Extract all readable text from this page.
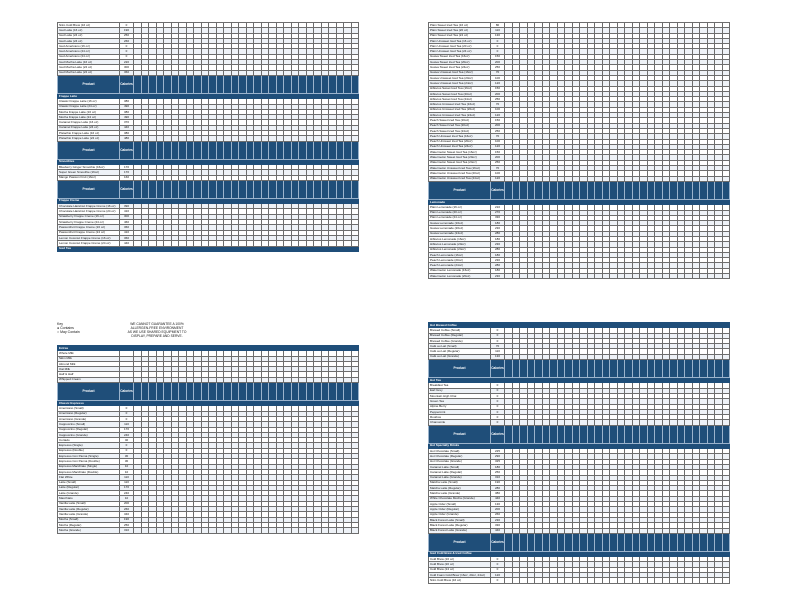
Nitro Cold Brew (16 oz)	0																														
Iced Latte (16 oz)	190																														
Iced Latte (24 oz)	250																														
Iced Latte (24 oz)	260																														
Iced Americano (16 oz)	0																														
Iced Americano (24 oz)	0																														
Iced Americano (24 oz)	0																														
Iced Mocha Latte (16 oz)	220																														
Iced Mocha Latte (24 oz)	300																														
Iced Mocha Latte (24 oz)	360																														
Product	Calories																														
Frappe Latte																															
Classic Frappe Latte (16 oz)	380																														
Classic Frappe Latte (24 oz)	490																														
Mocha Frappe Latte (16 oz)	380																														
Mocha Frappe Latte (24 oz)	490																														
Caramel Frappe Latte (16 oz)	370																														
Caramel Frappe Latte (24 oz)	440																														
Pistachio Frappe Latte (16 oz)	380																														
Pistachio Frappe Latte (24 oz)	480																														
Product	Calories																														
Smoothies																															
Blueberry Ginger Smoothie (16oz)	170																														
Super Green Smoothie (16oz)	170																														
Mango Passion Fruit (16oz)	160																														
Product	Calories																														
Frappe Creme																															
Chocolate Hazelnut Frappe Creme (16 oz)	390																														
Chocolate Hazelnut Frappe Creme (24 oz)	410																														
Strawberry Frappe Creme (16 oz)	300																														
Strawberry Frappe Creme (24 oz)	460																														
Passionfruit Frappe Creme (16 oz)	360																														
Passionfruit Frappe Creme (24 oz)	410																														
Lemon Coconut Frappe Creme (16 oz)	360																														
Lemon Coconut Frappe Creme (24 oz)	440																														
Iced Tea																															
Plain Sweet Iced Tea (16 oz)	80																														
Plain Sweet Iced Tea (20 oz)	110																														
Plain Sweet Iced Tea (24 oz)	130																														
Plain Unsweet Iced Tea (16 oz)	0																														
Plain Unsweet Iced Tea (20 oz)	0																														
Plain Unsweet Iced Tea (24 oz)	0																														
Guava Sweet Iced Tea (16oz)	150																														
Guava Sweet Iced Tea (20oz)	200																														
Guava Sweet Iced Tea (24oz)	250																														
Guava Unsweet Iced Tea (16oz)	70																														
Guava Unsweet Iced Tea (20oz)	100																														
Guava Unsweet Iced Tea (24oz)	120																														
Hibiscus Sweet Iced Tea (16oz)	150																														
Hibiscus Sweet Iced Tea (20oz)	200																														
Hibiscus Sweet Iced Tea (24oz)	250																														
Hibiscus Unsweet Iced Tea (16oz)	70																														
Hibiscus Unsweet Iced Tea (20oz)	100																														
Hibiscus Unsweet Iced Tea (24oz)	120																														
Peach Sweet Iced Tea (16oz)	150																														
Peach Sweet Iced Tea (20oz)	200																														
Peach Sweet Iced Tea (24oz)	250																														
Peach Unsweet Iced Tea (16oz)	70																														
Peach Unsweet Iced Tea (20oz)	100																														
Peach Unsweet Iced Tea (24oz)	120																														
Watermelon Sweet Iced Tea (16oz)	150																														
Watermelon Sweet Iced Tea (20oz)	200																														
Watermelon Sweet Iced Tea (24oz)	250																														
Watermelon Unsweet Iced Tea (16oz)	70																														
Watermelon Unsweet Iced Tea (20oz)	100																														
Watermelon Unsweet Iced Tea (24oz)	120																														
Product	Calories																														
Lemonade																															
Plain Lemonade (16 oz)	210																														
Plain Lemonade (20 oz)	270																														
Plain Lemonade (24 oz)	330																														
Guava Lemonade (16oz)	180																														
Guava Lemonade (20oz)	230																														
Guava Lemonade (24oz)	280																														
Hibiscus Lemonade (16oz)	180																														
Hibiscus Lemonade (20oz)	230																														
Hibiscus Lemonade (24oz)	280																														
Peach Lemonade (16oz)	180																														
Peach Lemonade (20oz)	230																														
Peach Lemonade (24oz)	280																														
Watermelon Lemonade (16oz)	180																														
Watermelon Lemonade (20oz)	230																														
Key
● Contains
○ May Contain
WE CANNOT GUARANTEE A 100%
ALLERGEN-FREE ENVIRONMENT
AS WE USE SHARED EQUIPMENT TO
DISPLAY, PREPARE AND SERVE.
Extras																															
Whole Milk																															
Skim Milk																															
Almond Milk																															
Oat Milk																															
Half & Half																															
Whipped Cream																															
Product	Calories																														
Classic Espresso																															
Americano (Small)	0																														
Americano (Regular)	0																														
Americano (Grande)	0																														
Cappuccino (Small)	110																														
Cappuccino (Regular)	170																														
Cappuccino (Grande)	240																														
Cortado	40																														
Espresso (Single)	0																														
Espresso (Double)	0																														
Espresso Con Panna (Single)	30																														
Espresso Con Panna (Double)	30																														
Espresso Macchiato (Single)	10																														
Espresso Macchiato (Double)	10																														
Flat White	110																														
Latte (Small)	110																														
Latte (Regular)	170																														
Latte (Grande)	240																														
Macchiato	10																														
Vanilla Latte (Small)	200																														
Vanilla Latte (Regular)	260																														
Vanilla Latte (Grande)	340																														
Mocha (Small)	190																														
Mocha (Regular)	250																														
Mocha (Grande)	310																														
Hot Brewed Coffee																															
Brewed Coffee (Small)	0																														
Brewed Coffee (Regular)	0																														
Brewed Coffee (Grande)	0																														
Café au Lait (Small)	70																														
Café au Lait (Regular)	110																														
Café au Lait (Grande)	130																														
Product	Calories																														
Hot Tea																															
Breakfast Tea	0																														
Earl Grey	0																														
Mountain High Chai	0																														
Green Tea	0																														
Alpine Berry	0																														
Peppermint	0																														
Rooibos	0																														
Chamomile	0																														
Product	Calories																														
Hot Specialty Drinks																															
Hot Chocolate (Small)	225																														
Hot Chocolate (Regular)	290																														
Hot Chocolate (Grande)	325																														
Caramel Latte (Small)	180																														
Caramel Latte (Regular)	250																														
Caramel Latte (Grande)	310																														
Matcha Latte (Small)	190																														
Matcha Latte (Regular)	280																														
Matcha Latte (Grande)	380																														
White Chocolate Mocha (Grande)	440																														
Apple Cider (Small)	130																														
Apple Cider (Regular)	200																														
Apple Cider (Grande)	260																														
Black Forest Latte (Small)	230																														
Black Forest Latte (Regular)	330																														
Black Forest Latte (Grande)	440																														
Product	Calories																														
Iced Cold Brew & Iced Coffee																															
Cold Brew (16 oz)	0																														
Cold Brew (20 oz)	0																														
Cold Brew (24 oz)	0																														
Cold Foam Cold Brew (16oz, 20oz, 24oz)	120																														
Nitro Cold Brew (16 oz)	0																														
